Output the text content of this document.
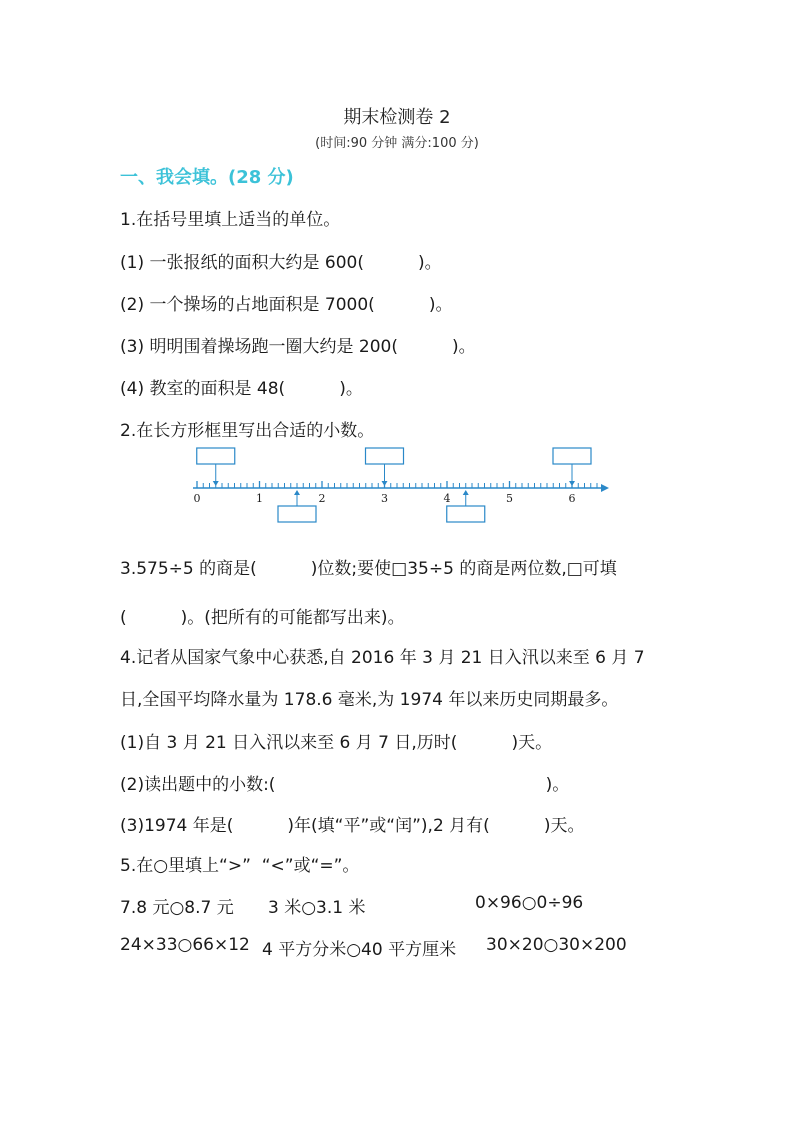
期末检测卷 2
(时间:90 分钟 满分:100 分)
一、我会填。(28 分)
1.在括号里填上适当的单位。
(1) 一张报纸的面积大约是 600(          )。
(2) 一个操场的占地面积是 7000(          )。
(3) 明明围着操场跑一圈大约是 200(          )。
(4) 教室的面积是 48(          )。
2.在长方形框里写出合适的小数。
0	1	2	3	4	5	6
3.575÷5 的商是(          )位数;要使□35÷5 的商是两位数,□可填
(          )。(把所有的可能都写出来)。
4.记者从国家气象中心获悉,自 2016 年 3 月 21 日入汛以来至 6 月 7
日,全国平均降水量为 178.6 毫米,为 1974 年以来历史同期最多。
(1)自 3 月 21 日入汛以来至 6 月 7 日,历时(          )天。
(2)读出题中的小数:(                                                  )。
(3)1974 年是(          )年(填“平”或“闰”),2 月有(          )天。
5.在○里填上“>”  “<”或“=”。
7.8 元○8.7 元 3 米○3.1 米	0×96○0÷96
24×33○66×12 4 平方分米○40 平方厘米 30×20○30×200
